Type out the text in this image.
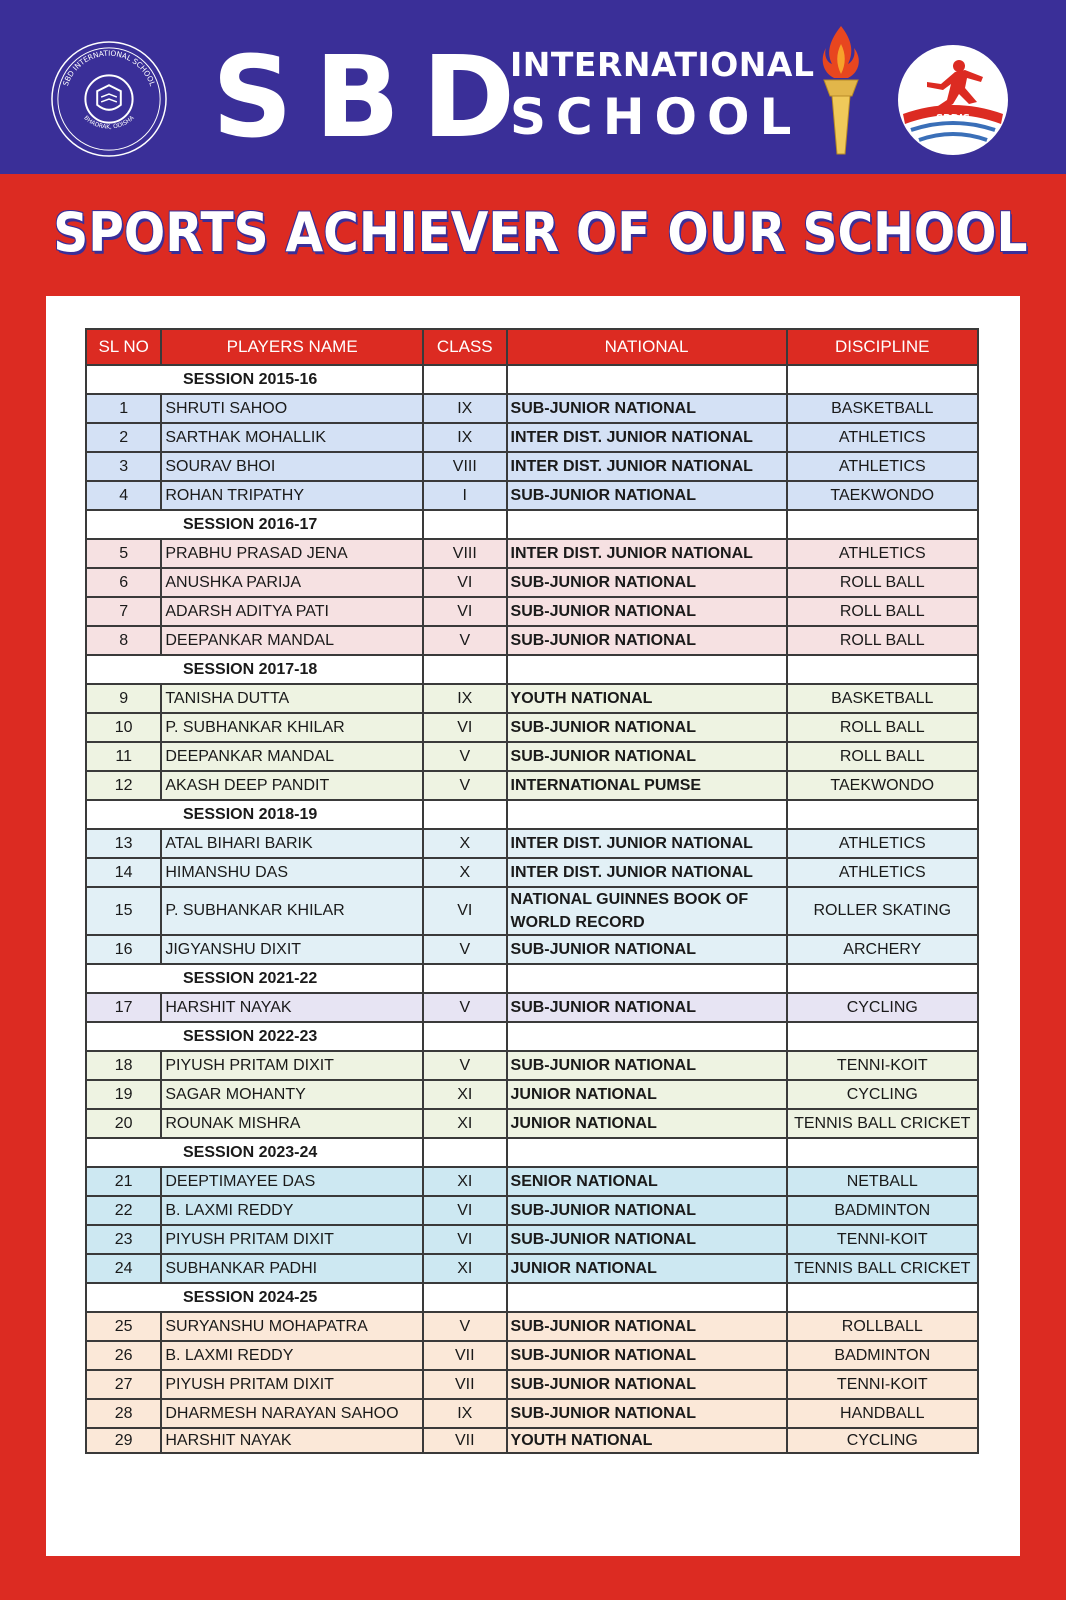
SBD INTERNATIONAL SCHOOL
BHADRAK, ODISHA SBD
INTERNATIONAL
SCHOOL	SBDIS
SPORTS ACHIEVER OF OUR SCHOOL
SL NO	PLAYERS NAME	CLASS	NATIONAL	DISCIPLINE
SESSION 2015-16				
1	SHRUTI SAHOO	IX	SUB-JUNIOR NATIONAL	BASKETBALL
2	SARTHAK MOHALLIK	IX	INTER DIST. JUNIOR NATIONAL	ATHLETICS
3	SOURAV BHOI	VIII	INTER DIST. JUNIOR NATIONAL	ATHLETICS
4	ROHAN TRIPATHY	I	SUB-JUNIOR NATIONAL	TAEKWONDO
SESSION 2016-17				
5	PRABHU PRASAD JENA	VIII	INTER DIST. JUNIOR NATIONAL	ATHLETICS
6	ANUSHKA PARIJA	VI	SUB-JUNIOR NATIONAL	ROLL BALL
7	ADARSH ADITYA PATI	VI	SUB-JUNIOR NATIONAL	ROLL BALL
8	DEEPANKAR MANDAL	V	SUB-JUNIOR NATIONAL	ROLL BALL
SESSION 2017-18				
9	TANISHA DUTTA	IX	YOUTH NATIONAL	BASKETBALL
10	P. SUBHANKAR KHILAR	VI	SUB-JUNIOR NATIONAL	ROLL BALL
11	DEEPANKAR MANDAL	V	SUB-JUNIOR NATIONAL	ROLL BALL
12	AKASH DEEP PANDIT	V	INTERNATIONAL PUMSE	TAEKWONDO
SESSION 2018-19				
13	ATAL BIHARI BARIK	X	INTER DIST. JUNIOR NATIONAL	ATHLETICS
14	HIMANSHU DAS	X	INTER DIST. JUNIOR NATIONAL	ATHLETICS
15	P. SUBHANKAR KHILAR	VI	NATIONAL GUINNES BOOK OF WORLD RECORD	ROLLER SKATING
16	JIGYANSHU DIXIT	V	SUB-JUNIOR NATIONAL	ARCHERY
SESSION 2021-22				
17	HARSHIT NAYAK	V	SUB-JUNIOR NATIONAL	CYCLING
SESSION 2022-23				
18	PIYUSH PRITAM DIXIT	V	SUB-JUNIOR NATIONAL	TENNI-KOIT
19	SAGAR MOHANTY	XI	JUNIOR NATIONAL	CYCLING
20	ROUNAK MISHRA	XI	JUNIOR NATIONAL	TENNIS BALL CRICKET
SESSION 2023-24				
21	DEEPTIMAYEE DAS	XI	SENIOR NATIONAL	NETBALL
22	B. LAXMI REDDY	VI	SUB-JUNIOR NATIONAL	BADMINTON
23	PIYUSH PRITAM DIXIT	VI	SUB-JUNIOR NATIONAL	TENNI-KOIT
24	SUBHANKAR PADHI	XI	JUNIOR NATIONAL	TENNIS BALL CRICKET
SESSION 2024-25				
25	SURYANSHU MOHAPATRA	V	SUB-JUNIOR NATIONAL	ROLLBALL
26	B. LAXMI REDDY	VII	SUB-JUNIOR NATIONAL	BADMINTON
27	PIYUSH PRITAM DIXIT	VII	SUB-JUNIOR NATIONAL	TENNI-KOIT
28	DHARMESH NARAYAN SAHOO	IX	SUB-JUNIOR NATIONAL	HANDBALL
29	HARSHIT NAYAK	VII	YOUTH NATIONAL	CYCLING
